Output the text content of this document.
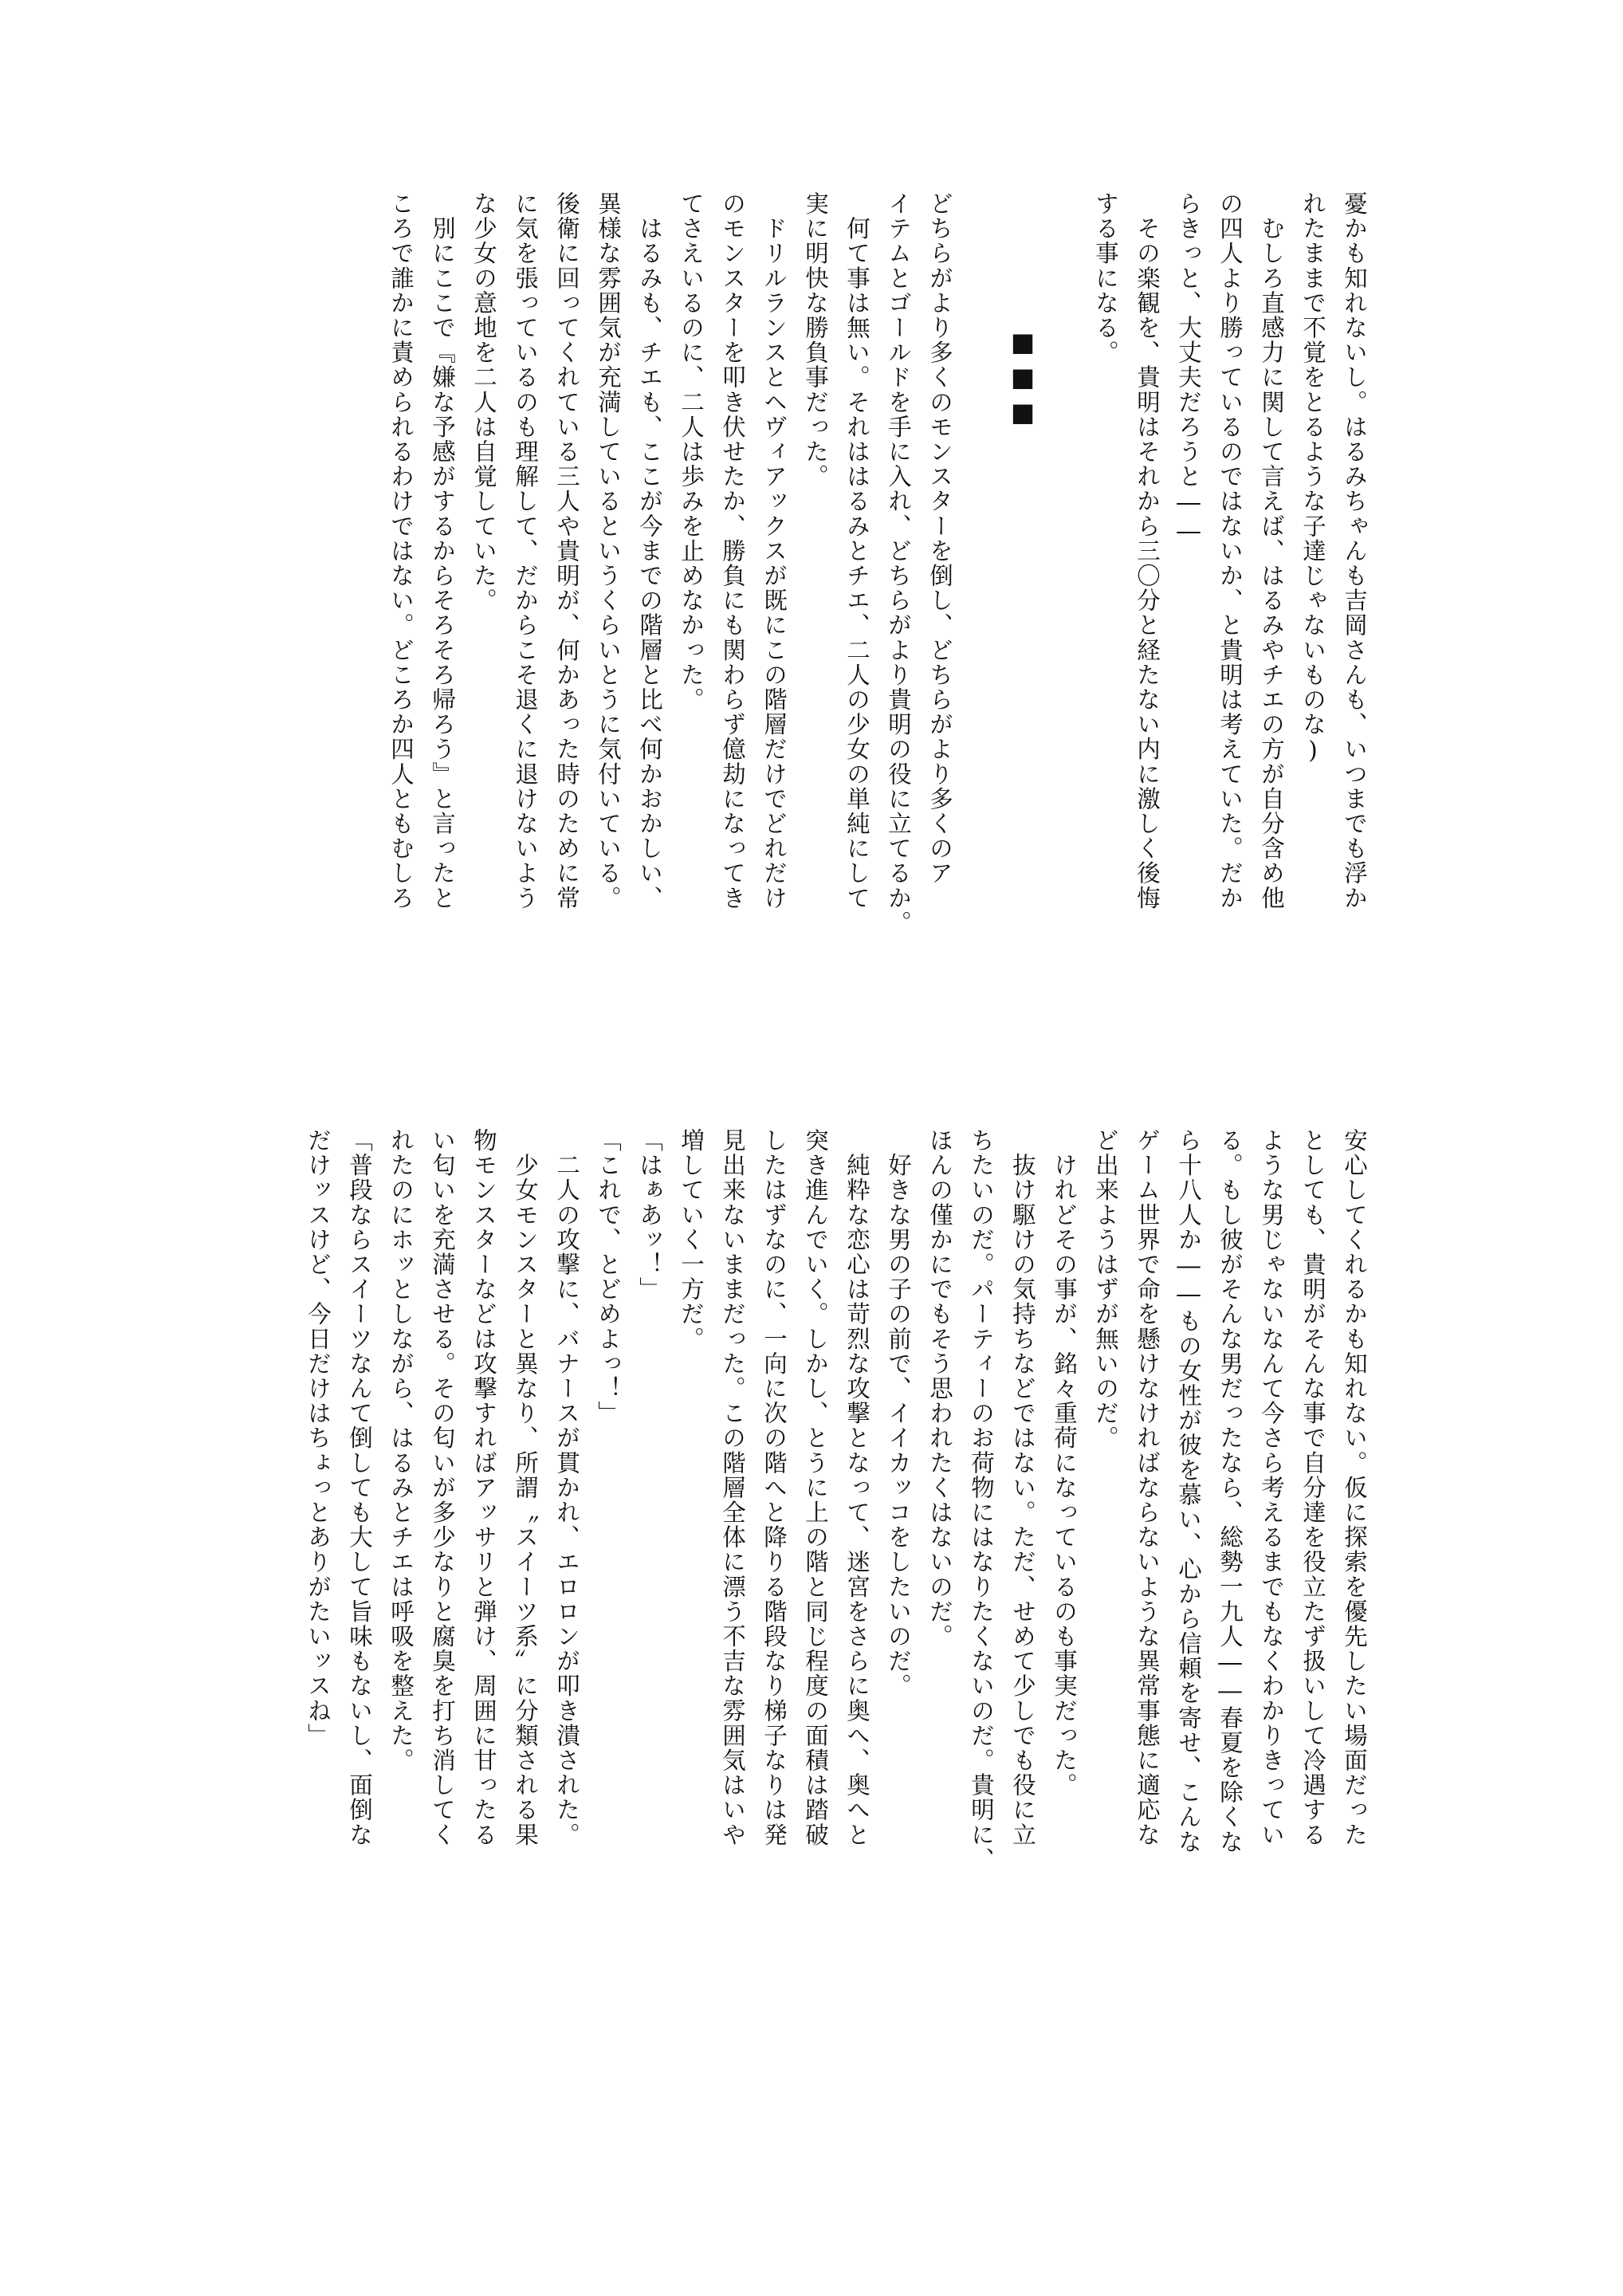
憂かも知れないし。はるみちゃんも吉岡さんも、いつまでも浮か

れたままで不覚をとるような子達じゃないものな)

　むしろ直感力に関して言えば、はるみやチエの方が自分含め他

の四人より勝っているのではないか、と貴明は考えていた。だか

らきっと、大丈夫だろうと――

　その楽観を、貴明はそれから三〇分と経たない内に激しく後悔

する事になる。

■■■

どちらがより多くのモンスターを倒し、どちらがより多くのア

イテムとゴールドを手に入れ、どちらがより貴明の役に立てるか。

　何て事は無い。それははるみとチエ、二人の少女の単純にして

実に明快な勝負事だった。

　ドリルランスとヘヴィアックスが既にこの階層だけでどれだけ

のモンスターを叩き伏せたか、勝負にも関わらず億劫になってき

てさえいるのに、二人は歩みを止めなかった。

　はるみも、チエも、ここが今までの階層と比べ何かおかしい、

異様な雰囲気が充満しているというくらいとうに気付いている。

後衛に回ってくれている三人や貴明が、何かあった時のために常

に気を張っているのも理解して、だからこそ退くに退けないよう

な少女の意地を二人は自覚していた。

　別にここで『嫌な予感がするからそろそろ帰ろう』と言ったと

ころで誰かに責められるわけではない。どころか四人ともむしろ

安心してくれるかも知れない。仮に探索を優先したい場面だった

としても、貴明がそんな事で自分達を役立たず扱いして冷遇する

ような男じゃないなんて今さら考えるまでもなくわかりきってい

る。もし彼がそんな男だったなら、総勢一九人――春夏を除くな

ら十八人か――もの女性が彼を慕い、心から信頼を寄せ、こんな

ゲーム世界で命を懸けなければならないような異常事態に適応な

ど出来ようはずが無いのだ。

　けれどその事が、銘々重荷になっているのも事実だった。

　抜け駆けの気持ちなどではない。ただ、せめて少しでも役に立

ちたいのだ。パーティーのお荷物にはなりたくないのだ。貴明に、

ほんの僅かにでもそう思われたくはないのだ。

　好きな男の子の前で、イイカッコをしたいのだ。

　純粋な恋心は苛烈な攻撃となって、迷宮をさらに奥へ、奥へと

突き進んでいく。しかし、とうに上の階と同じ程度の面積は踏破

したはずなのに、一向に次の階へと降りる階段なり梯子なりは発

見出来ないままだった。この階層全体に漂う不吉な雰囲気はいや

増していく一方だ。

「はぁあッ！」

「これで、とどめよっ！」

　二人の攻撃に、バナースが貫かれ、エロロンが叩き潰された。

　少女モンスターと異なり、所謂〝スイーツ系〟に分類される果

物モンスターなどは攻撃すればアッサリと弾け、周囲に甘ったる

い匂いを充満させる。その匂いが多少なりと腐臭を打ち消してく

れたのにホッとしながら、はるみとチエは呼吸を整えた。

「普段ならスイーツなんて倒しても大して旨味もないし、面倒な

だけッスけど、今日だけはちょっとありがたいッスね」
